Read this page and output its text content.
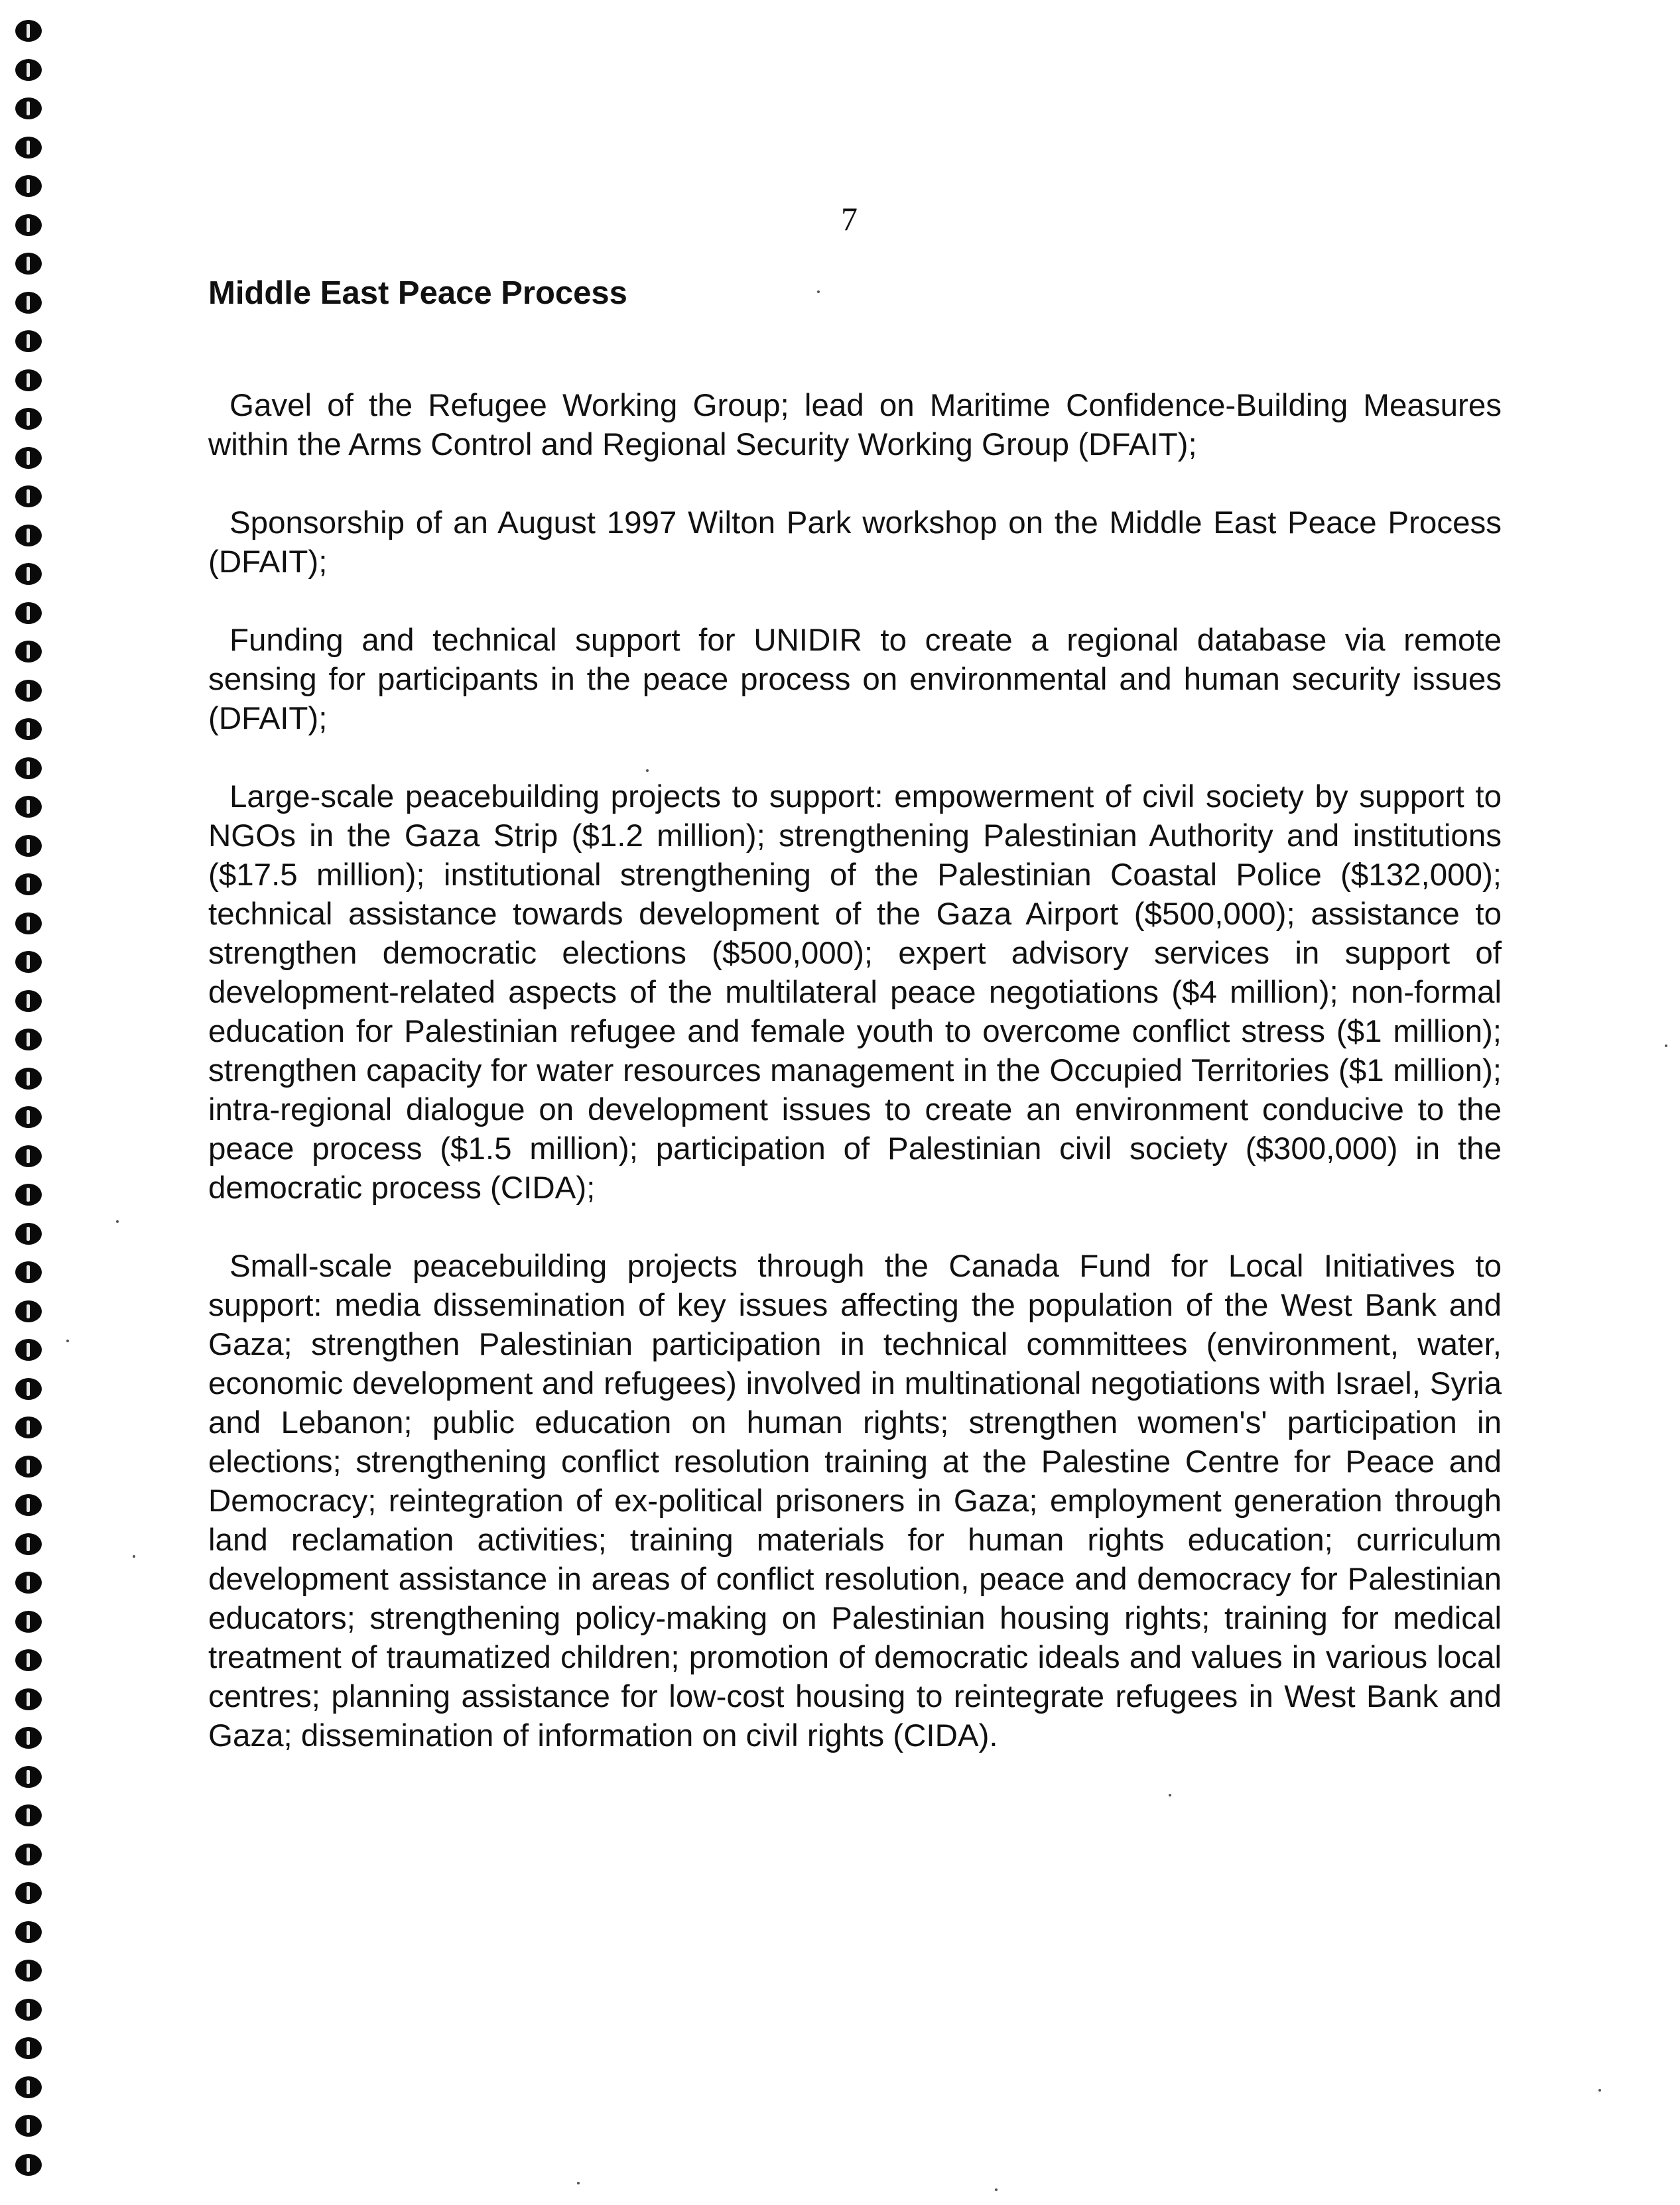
7
Middle East Peace Process

Gavel of the Refugee Working Group; lead on Maritime Confidence-Building Measures within the Arms Control and Regional Security Working Group (DFAIT);

Sponsorship of an August 1997 Wilton Park workshop on the Middle East Peace Process (DFAIT);

Funding and technical support for UNIDIR to create a regional database via remote sensing for participants in the peace process on environmental and human security issues (DFAIT);

Large-scale peacebuilding projects to support: empowerment of civil society by support to NGOs in the Gaza Strip ($1.2 million); strengthening Palestinian Authority and institutions ($17.5 million); institutional strengthening of the Palestinian Coastal Police ($132,000); technical assistance towards development of the Gaza Airport ($500,000); assistance to strengthen democratic elections ($500,000); expert advisory services in support of development-related aspects of the multilateral peace negotiations ($4 million); non-formal education for Palestinian refugee and female youth to overcome conflict stress ($1 million); strengthen capacity for water resources management in the Occupied Territories ($1 million); intra-regional dialogue on development issues to create an environment conducive to the peace process ($1.5 million); participation of Palestinian civil society ($300,000) in the democratic process (CIDA);

Small-scale peacebuilding projects through the Canada Fund for Local Initiatives to support: media dissemination of key issues affecting the population of the West Bank and Gaza; strengthen Palestinian participation in technical committees (environment, water, economic development and refugees) involved in multinational negotiations with Israel, Syria and Lebanon; public education on human rights; strengthen women's' participation in elections; strengthening conflict resolution training at the Palestine Centre for Peace and Democracy; reintegration of ex-political prisoners in Gaza; employment generation through land reclamation activities; training materials for human rights education; curriculum development assistance in areas of conflict resolution, peace and democracy for Palestinian educators; strengthening policy-making on Palestinian housing rights; training for medical treatment of traumatized children; promotion of democratic ideals and values in various local centres; planning assistance for low-cost housing to reintegrate refugees in West Bank and Gaza; dissemination of information on civil rights (CIDA).
